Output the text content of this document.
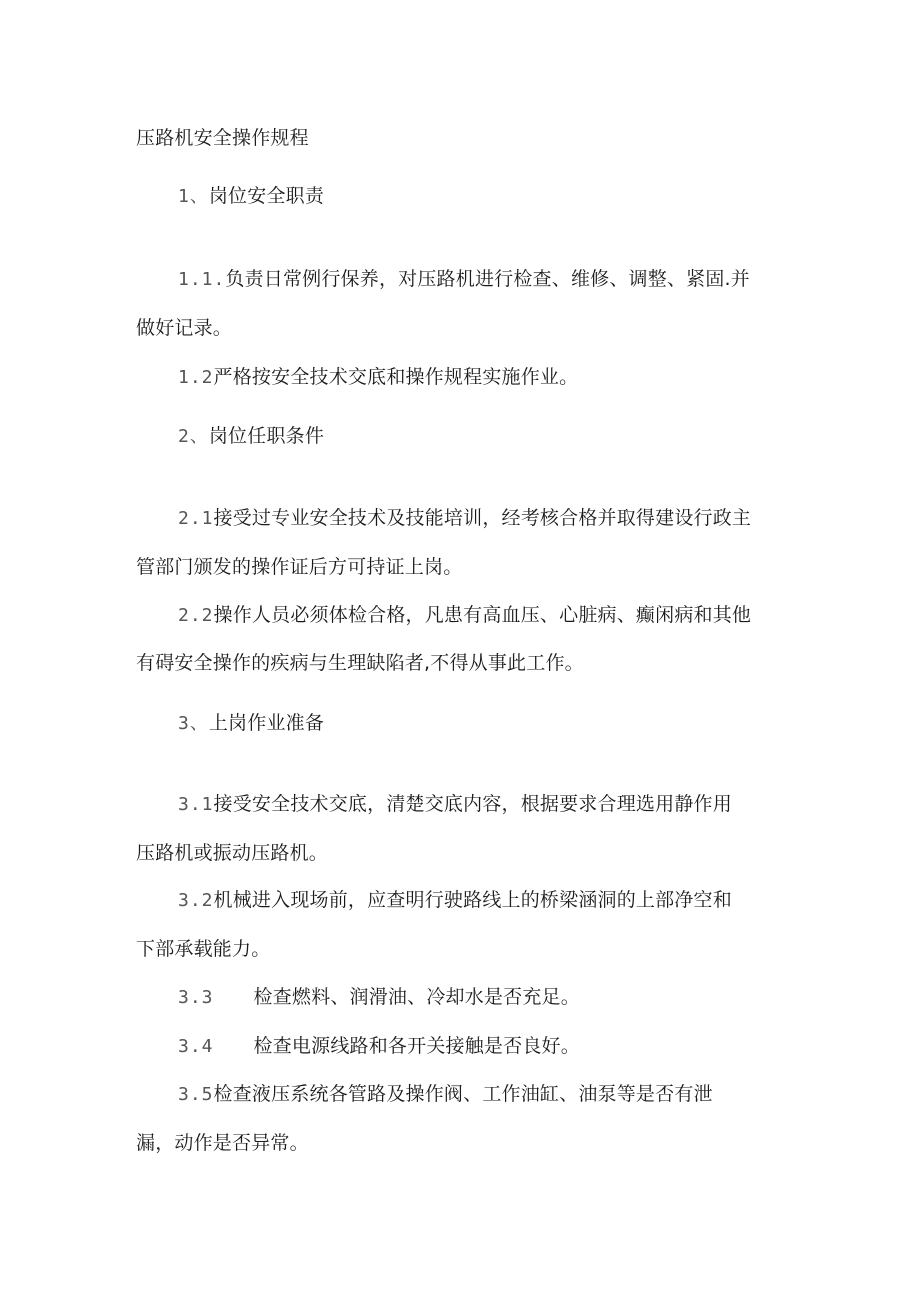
压路机安全操作规程
1、岗位安全职责
1.1.负责日常例行保养，对压路机进行检查、维修、调整、紧固.并
做好记录。
1.2严格按安全技术交底和操作规程实施作业。
2、岗位任职条件
2.1接受过专业安全技术及技能培训，经考核合格并取得建设行政主
管部门颁发的操作证后方可持证上岗。
2.2操作人员必须体检合格，凡患有高血压、心脏病、癫闲病和其他
有碍安全操作的疾病与生理缺陷者,不得从事此工作。
3、上岗作业准备
3.1接受安全技术交底，清楚交底内容，根据要求合理选用静作用
压路机或振动压路机。
3.2机械进入现场前，应查明行驶路线上的桥梁涵洞的上部净空和
下部承载能力。
3.3 检查燃料、润滑油、冷却水是否充足。
3.4 检查电源线路和各开关接触是否良好。
3.5检查液压系统各管路及操作阀、工作油缸、油泵等是否有泄
漏，动作是否异常。
